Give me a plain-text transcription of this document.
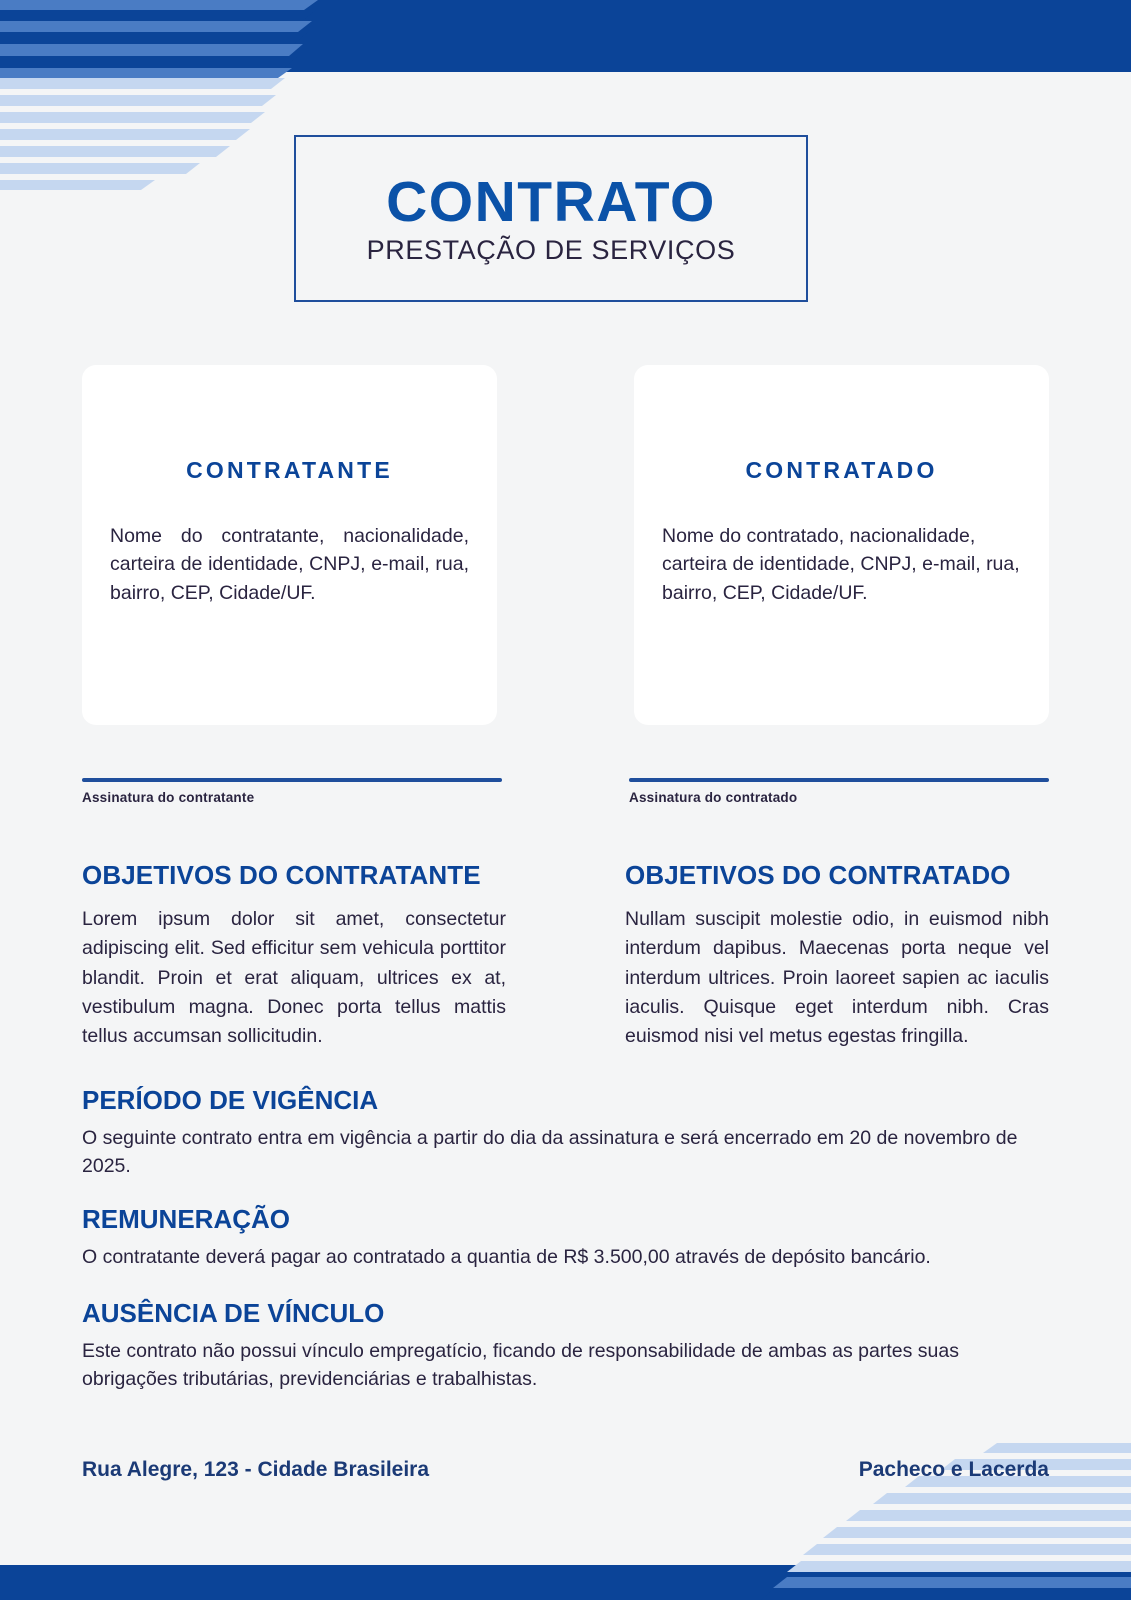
CONTRATO
PRESTAÇÃO DE SERVIÇOS
CONTRATANTE

Nome do contratante, nacionalidade, carteira de identidade, CNPJ, e-mail, rua, bairro, CEP, Cidade/UF.

CONTRATADO

Nome do contratado, nacionalidade, carteira de identidade, CNPJ, e-mail, rua, bairro, CEP, Cidade/UF.

Assinatura do contratante	Assinatura do contratado
OBJETIVOS DO CONTRATANTE

Lorem ipsum dolor sit amet, consectetur adipiscing elit. Sed efficitur sem vehicula porttitor blandit. Proin et erat aliquam, ultrices ex at, vestibulum magna. Donec porta tellus mattis tellus accumsan sollicitudin.

OBJETIVOS DO CONTRATADO

Nullam suscipit molestie odio, in euismod nibh interdum dapibus. Maecenas porta neque vel interdum ultrices. Proin laoreet sapien ac iaculis iaculis. Quisque eget interdum nibh. Cras euismod nisi vel metus egestas fringilla.

PERÍODO DE VIGÊNCIA

O seguinte contrato entra em vigência a partir do dia da assinatura e será encerrado em 20 de novembro de 2025.

REMUNERAÇÃO

O contratante deverá pagar ao contratado a quantia de R$ 3.500,00 através de depósito bancário.

AUSÊNCIA DE VÍNCULO

Este contrato não possui vínculo empregatício, ficando de responsabilidade de ambas as partes suas obrigações tributárias, previdenciárias e trabalhistas.

Rua Alegre, 123 - Cidade Brasileira	Pacheco e Lacerda
